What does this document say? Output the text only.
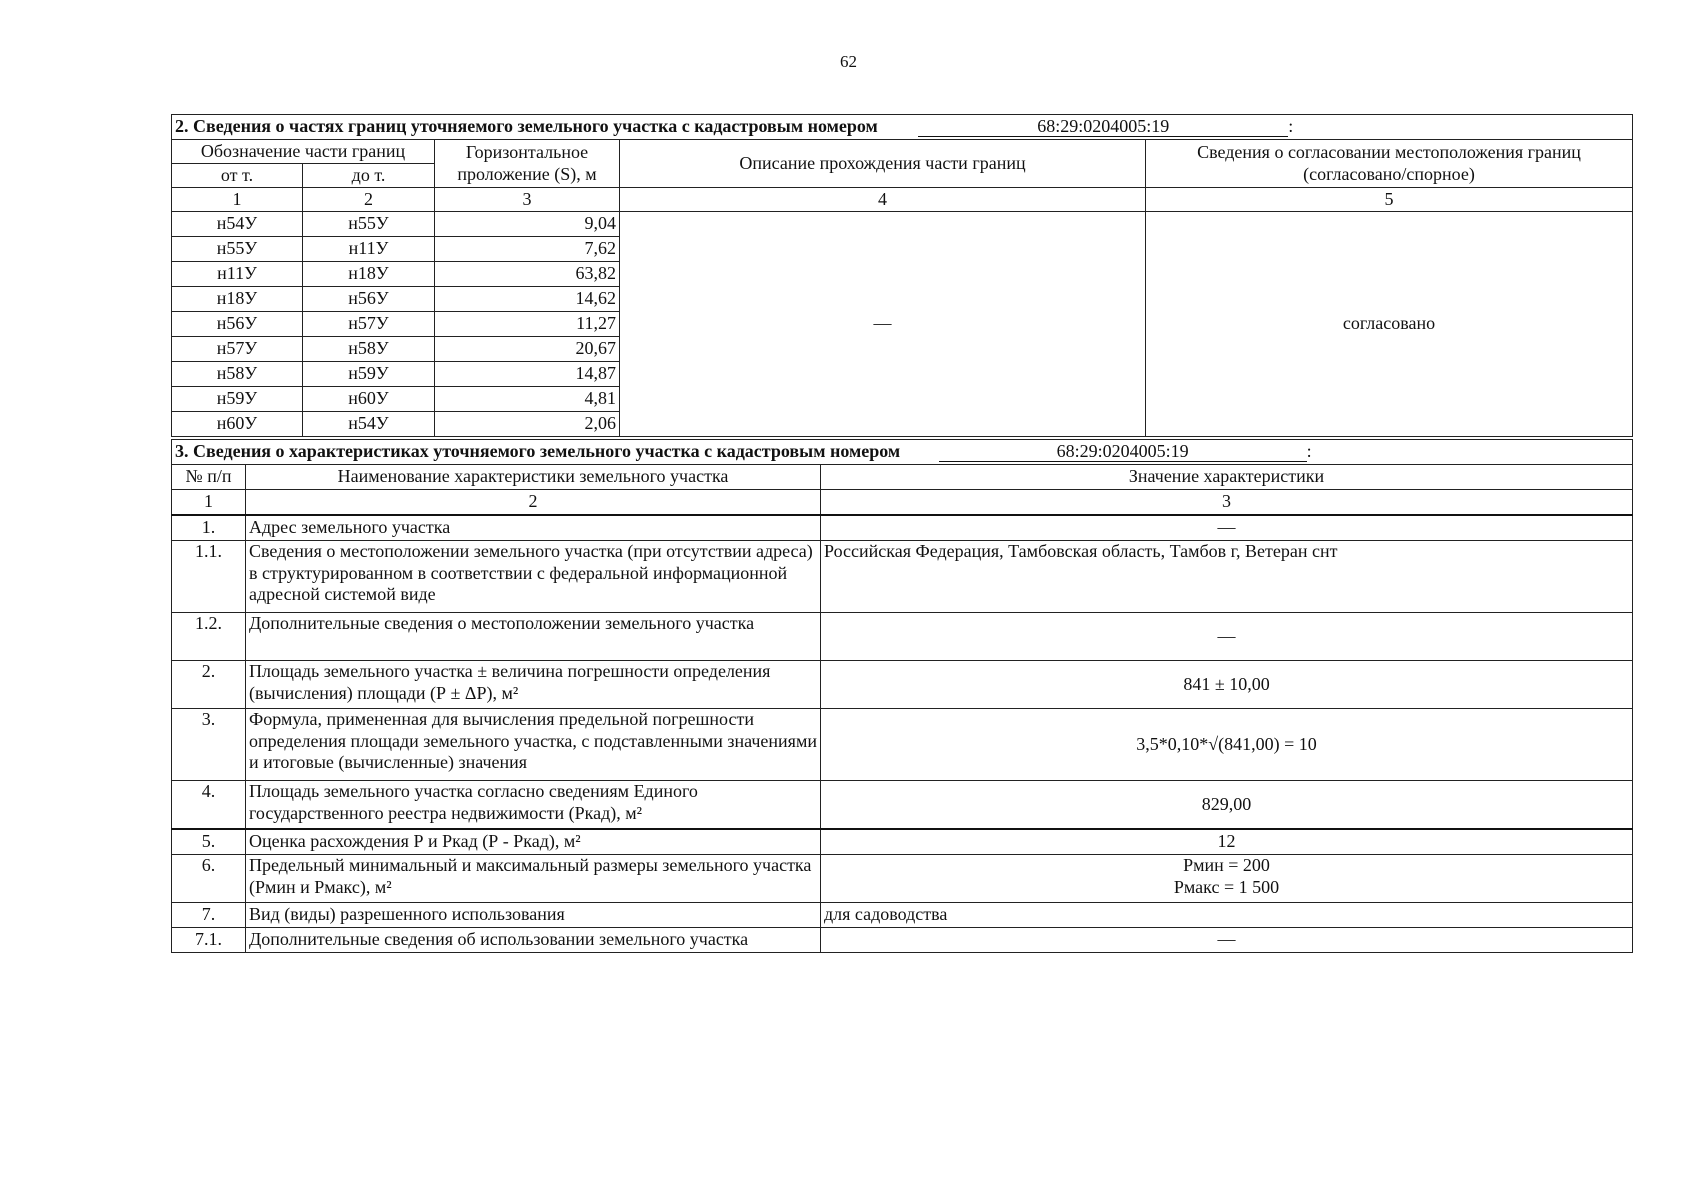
62
2. Сведения о частях границ уточняемого земельного участка с кадастровым номером 68:29:0204005:19 :				
Обозначение части границ		Горизонтальное проложение (S), м	Описание прохождения части границ	Сведения о согласовании местоположения границ (согласовано/спорное)
от т.	до т.			
1	2	3	4	5
н54У	н55У	9,04	—	согласовано
н55У	н11У	7,62		
н11У	н18У	63,82		
н18У	н56У	14,62		
н56У	н57У	11,27		
н57У	н58У	20,67		
н58У	н59У	14,87		
н59У	н60У	4,81		
н60У	н54У	2,06		
3. Сведения о характеристиках уточняемого земельного участка с кадастровым номером 68:29:0204005:19 :		
№ п/п	Наименование характеристики земельного участка	Значение характеристики
1	2	3
1.	Адрес земельного участка	—
1.1.	Сведения о местоположении земельного участка (при отсутствии адреса) в структурированном в соответствии с федеральной информационной адресной системой виде	Российская Федерация, Тамбовская область, Тамбов г, Ветеран снт
1.2.	Дополнительные сведения о местоположении земельного участка	—
2.	Площадь земельного участка ± величина погрешности определения (вычисления) площади (Р ± ΔР), м²	841 ± 10,00
3.	Формула, примененная для вычисления предельной погрешности определения площади земельного участка, с подставленными значениями и итоговые (вычисленные) значения	3,5*0,10*√(841,00) = 10
4.	Площадь земельного участка согласно сведениям Единого государственного реестра недвижимости (Ркад), м²	829,00
5.	Оценка расхождения Р и Ркад (Р - Ркад), м²	12
6.	Предельный минимальный и максимальный размеры земельного участка (Рмин и Рмакс), м²	Рмин = 200
Рмакс = 1 500

7.	Вид (виды) разрешенного использования	для садоводства
7.1.	Дополнительные сведения об использовании земельного участка	—
